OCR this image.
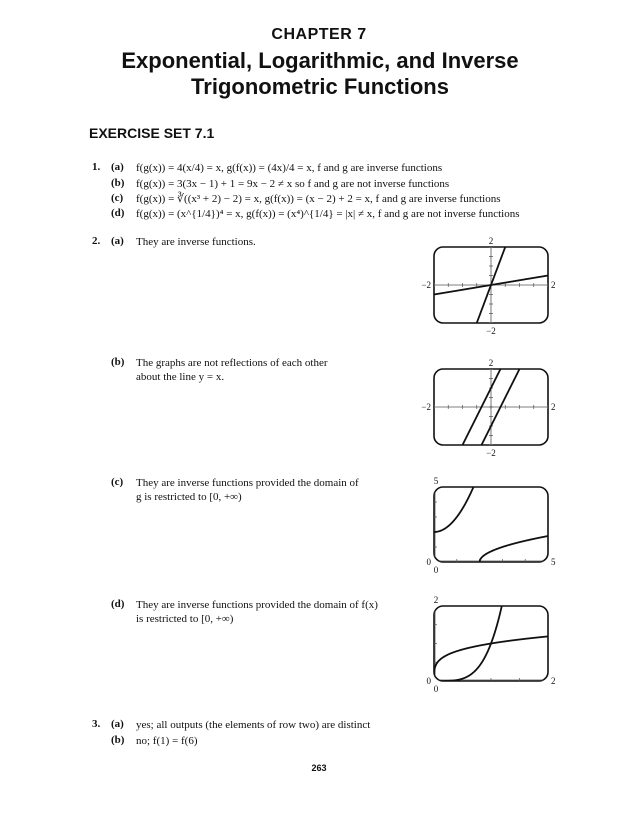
CHAPTER 7
Exponential, Logarithmic, and Inverse Trigonometric Functions
EXERCISE SET 7.1
1. (a) f(g(x)) = 4(x/4) = x, g(f(x)) = (4x)/4 = x, f and g are inverse functions
(b) f(g(x)) = 3(3x − 1) + 1 = 9x − 2 ≠ x so f and g are not inverse functions
(c) f(g(x)) = ∛((x³ + 2) − 2) = x, g(f(x)) = (x − 2) + 2 = x, f and g are inverse functions
(d) f(g(x)) = (x^{1/4})⁴ = x, g(f(x)) = (x⁴)^{1/4} = |x| ≠ x, f and g are not inverse functions
2. (a) They are inverse functions.
(b) The graphs are not reflections of each other
about the line y = x.
(c) They are inverse functions provided the domain of
g is restricted to [0, +∞)
(d) They are inverse functions provided the domain of f(x)
is restricted to [0, +∞)
3. (a) yes; all outputs (the elements of row two) are distinct
(b) no; f(1) = f(6)
2
−2	2
−2
2
−2	2
−2
5
0	5
0
2
0	2
0
263
